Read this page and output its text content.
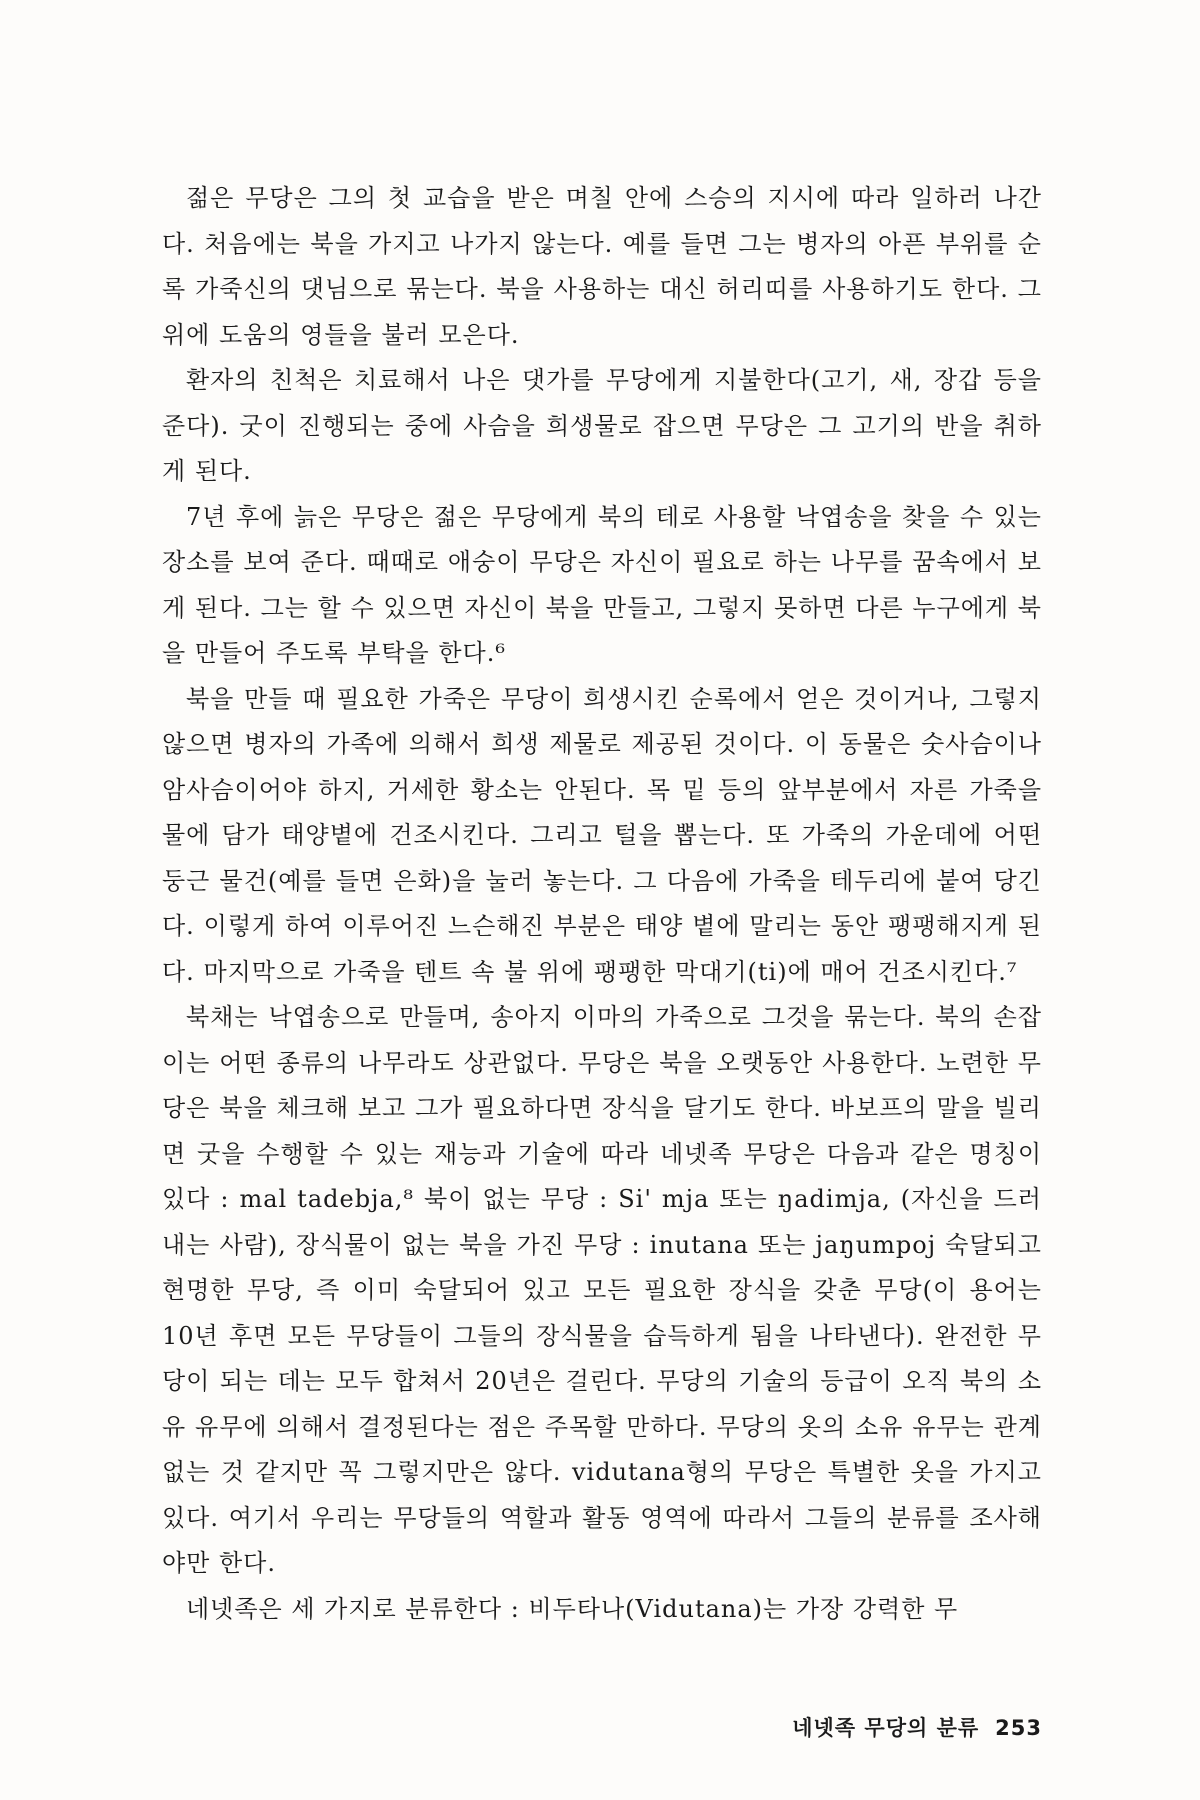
젊은 무당은 그의 첫 교습을 받은 며칠 안에 스승의 지시에 따라 일하러 나간다. 처음에는 북을 가지고 나가지 않는다. 예를 들면 그는 병자의 아픈 부위를 순록 가죽신의 댓님으로 묶는다. 북을 사용하는 대신 허리띠를 사용하기도 한다. 그 위에 도움의 영들을 불러 모은다.

환자의 친척은 치료해서 나은 댓가를 무당에게 지불한다(고기, 새, 장갑 등을 준다). 굿이 진행되는 중에 사슴을 희생물로 잡으면 무당은 그 고기의 반을 취하게 된다.

7년 후에 늙은 무당은 젊은 무당에게 북의 테로 사용할 낙엽송을 찾을 수 있는 장소를 보여 준다. 때때로 애숭이 무당은 자신이 필요로 하는 나무를 꿈속에서 보게 된다. 그는 할 수 있으면 자신이 북을 만들고, 그렇지 못하면 다른 누구에게 북을 만들어 주도록 부탁을 한다.⁶

북을 만들 때 필요한 가죽은 무당이 희생시킨 순록에서 얻은 것이거나, 그렇지 않으면 병자의 가족에 의해서 희생 제물로 제공된 것이다. 이 동물은 숫사슴이나 암사슴이어야 하지, 거세한 황소는 안된다. 목 밑 등의 앞부분에서 자른 가죽을 물에 담가 태양볕에 건조시킨다. 그리고 털을 뽑는다. 또 가죽의 가운데에 어떤 둥근 물건(예를 들면 은화)을 눌러 놓는다. 그 다음에 가죽을 테두리에 붙여 당긴다. 이렇게 하여 이루어진 느슨해진 부분은 태양 볕에 말리는 동안 팽팽해지게 된다. 마지막으로 가죽을 텐트 속 불 위에 팽팽한 막대기(ti)에 매어 건조시킨다.⁷

북채는 낙엽송으로 만들며, 송아지 이마의 가죽으로 그것을 묶는다. 북의 손잡이는 어떤 종류의 나무라도 상관없다. 무당은 북을 오랫동안 사용한다. 노련한 무당은 북을 체크해 보고 그가 필요하다면 장식을 달기도 한다. 바보프의 말을 빌리면 굿을 수행할 수 있는 재능과 기술에 따라 네넷족 무당은 다음과 같은 명칭이 있다 : mal tadebja,⁸ 북이 없는 무당 : Si' mja 또는 ŋadimja, (자신을 드러내는 사람), 장식물이 없는 북을 가진 무당 : inutana 또는 jaŋumpoj 숙달되고 현명한 무당, 즉 이미 숙달되어 있고 모든 필요한 장식을 갖춘 무당(이 용어는 10년 후면 모든 무당들이 그들의 장식물을 습득하게 됨을 나타낸다). 완전한 무당이 되는 데는 모두 합쳐서 20년은 걸린다. 무당의 기술의 등급이 오직 북의 소유 유무에 의해서 결정된다는 점은 주목할 만하다. 무당의 옷의 소유 유무는 관계 없는 것 같지만 꼭 그렇지만은 않다. vidutana형의 무당은 특별한 옷을 가지고 있다. 여기서 우리는 무당들의 역할과 활동 영역에 따라서 그들의 분류를 조사해야만 한다.

네넷족은 세 가지로 분류한다 : 비두타나(Vidutana)는 가장 강력한 무

네넷족 무당의 분류 253
